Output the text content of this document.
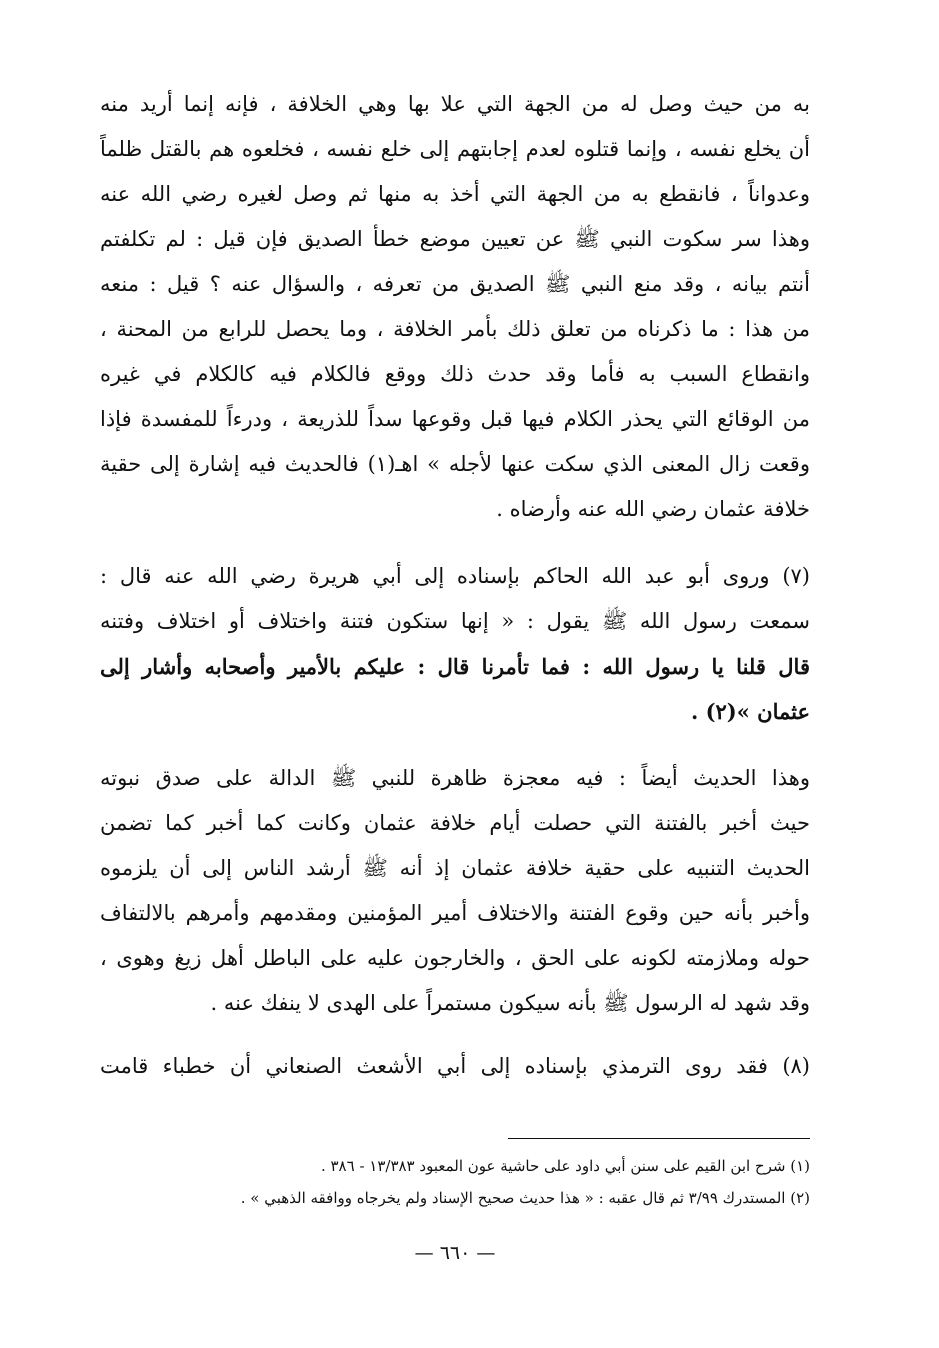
به من حيث وصل له من الجهة التي علا بها وهي الخلافة ، فإنه إنما أريد منه
أن يخلع نفسه ، وإنما قتلوه لعدم إجابتهم إلى خلع نفسه ، فخلعوه هم بالقتل ظلماً
وعدواناً ، فانقطع به من الجهة التي أخذ به منها ثم وصل لغيره رضي الله عنه
وهذا سر سكوت النبي ﷺ عن تعيين موضع خطأ الصديق فإن قيل : لم تكلفتم
أنتم بيانه ، وقد منع النبي ﷺ الصديق من تعرفه ، والسؤال عنه ؟ قيل : منعه
من هذا : ما ذكرناه من تعلق ذلك بأمر الخلافة ، وما يحصل للرابع من المحنة ،
وانقطاع السبب به فأما وقد حدث ذلك ووقع فالكلام فيه كالكلام في غيره
من الوقائع التي يحذر الكلام فيها قبل وقوعها سداً للذريعة ، ودرءاً للمفسدة فإذا
وقعت زال المعنى الذي سكت عنها لأجله » اهـ(١) فالحديث فيه إشارة إلى حقية
خلافة عثمان رضي الله عنه وأرضاه .
(٧) وروى أبو عبد الله الحاكم بإسناده إلى أبي هريرة رضي الله عنه قال :
سمعت رسول الله ﷺ يقول : « إنها ستكون فتنة واختلاف أو اختلاف وفتنه
قال قلنا يا رسول الله : فما تأمرنا قال : عليكم بالأمير وأصحابه وأشار إلى
عثمان »(٢) .
وهذا الحديث أيضاً : فيه معجزة ظاهرة للنبي ﷺ الدالة على صدق نبوته
حيث أخبر بالفتنة التي حصلت أيام خلافة عثمان وكانت كما أخبر كما تضمن
الحديث التنبيه على حقية خلافة عثمان إذ أنه ﷺ أرشد الناس إلى أن يلزموه
وأخبر بأنه حين وقوع الفتنة والاختلاف أمير المؤمنين ومقدمهم وأمرهم بالالتفاف
حوله وملازمته لكونه على الحق ، والخارجون عليه على الباطل أهل زيغ وهوى ،
وقد شهد له الرسول ﷺ بأنه سيكون مستمراً على الهدى لا ينفك عنه .
(٨) فقد روى الترمذي بإسناده إلى أبي الأشعث الصنعاني أن خطباء قامت
(١) شرح ابن القيم على سنن أبي داود على حاشية عون المعبود ١٣/٣٨٣ - ٣٨٦ .
(٢) المستدرك ٣/٩٩ ثم قال عقبه : « هذا حديث صحيح الإسناد ولم يخرجاه ووافقه الذهبي » .
— ٦٦٠ —
